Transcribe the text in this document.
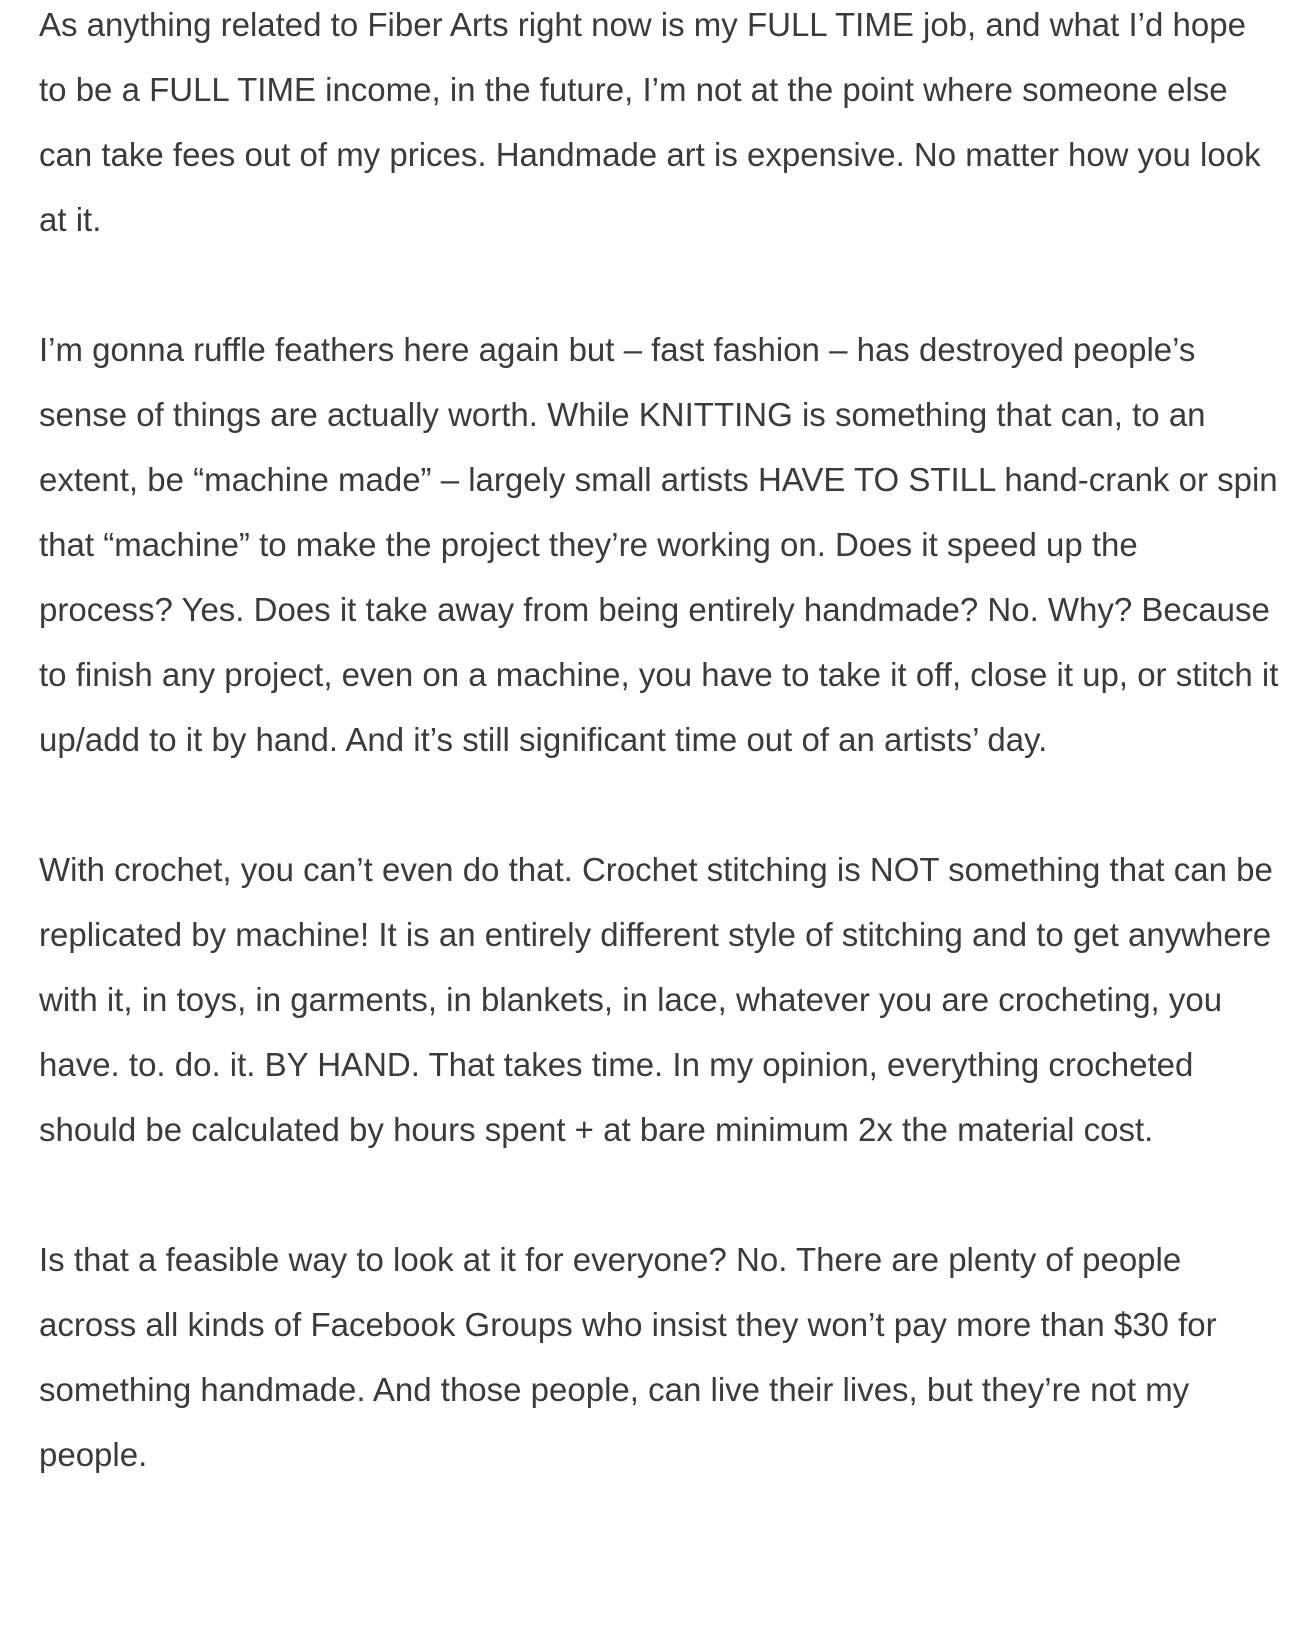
As anything related to Fiber Arts right now is my FULL TIME job, and what I’d hope to be a FULL TIME income, in the future, I’m not at the point where someone else can take fees out of my prices. Handmade art is expensive. No matter how you look at it.

I’m gonna ruffle feathers here again but – fast fashion – has destroyed people’s sense of things are actually worth. While KNITTING is something that can, to an extent, be “machine made” – largely small artists HAVE TO STILL hand-crank or spin that “machine” to make the project they’re working on. Does it speed up the process? Yes. Does it take away from being entirely handmade? No. Why? Because to finish any project, even on a machine, you have to take it off, close it up, or stitch it up/add to it by hand. And it’s still significant time out of an artists’ day.

With crochet, you can’t even do that. Crochet stitching is NOT something that can be replicated by machine! It is an entirely different style of stitching and to get anywhere with it, in toys, in garments, in blankets, in lace, whatever you are crocheting, you have. to. do. it. BY HAND. That takes time. In my opinion, everything crocheted should be calculated by hours spent + at bare minimum 2x the material cost.

Is that a feasible way to look at it for everyone? No. There are plenty of people across all kinds of Facebook Groups who insist they won’t pay more than $30 for something handmade. And those people, can live their lives, but they’re not my people.
